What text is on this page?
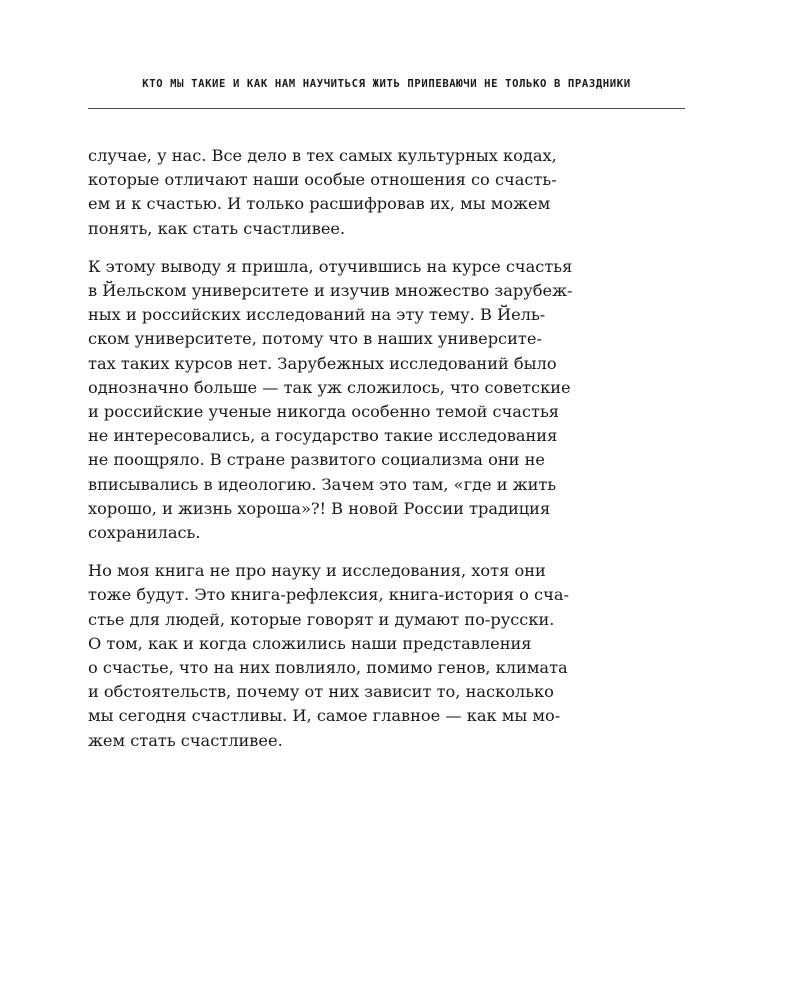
КТО МЫ ТАКИЕ И КАК НАМ НАУЧИТЬСЯ ЖИТЬ ПРИПЕВАЮЧИ НЕ ТОЛЬКО В ПРАЗДНИКИ

случае, у нас. Все дело в тех самых культурных кодах,
которые отличают наши особые отношения со счасть-
ем и к счастью. И только расшифровав их, мы можем
понять, как стать счастливее.

К этому выводу я пришла, отучившись на курсе счастья
в Йельском университете и изучив множество зарубеж-
ных и российских исследований на эту тему. В Йель-
ском университете, потому что в наших университе-
тах таких курсов нет. Зарубежных исследований было
однозначно больше — так уж сложилось, что советские
и российские ученые никогда особенно темой счастья
не интересовались, а государство такие исследования
не поощряло. В стране развитого социализма они не
вписывались в идеологию. Зачем это там, «где и жить
хорошо, и жизнь хороша»?! В новой России традиция
сохранилась.

Но моя книга не про науку и исследования, хотя они
тоже будут. Это книга-рефлексия, книга-история о сча-
стье для людей, которые говорят и думают по-русски.
О том, как и когда сложились наши представления
о счастье, что на них повлияло, помимо генов, климата
и обстоятельств, почему от них зависит то, насколько
мы сегодня счастливы. И, самое главное — как мы мо-
жем стать счастливее.
